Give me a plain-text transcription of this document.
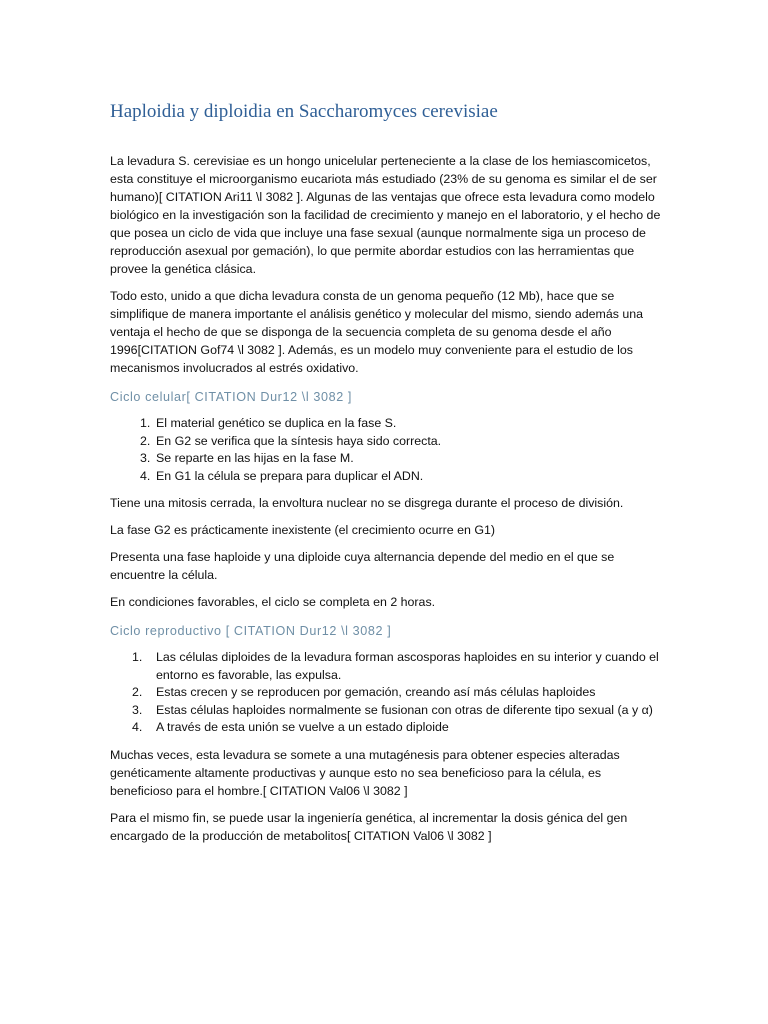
Haploidia y diploidia en Saccharomyces cerevisiae

La levadura S. cerevisiae es un hongo unicelular perteneciente a la clase de los hemiascomicetos, esta constituye el microorganismo eucariota más estudiado (23% de su genoma es similar el de ser humano)[ CITATION Ari11 \l 3082 ]. Algunas de las ventajas que ofrece esta levadura como modelo biológico en la investigación son la facilidad de crecimiento y manejo en el laboratorio, y el hecho de que posea un ciclo de vida que incluye una fase sexual (aunque normalmente siga un proceso de reproducción asexual por gemación), lo que permite abordar estudios con las herramientas que provee la genética clásica.

Todo esto, unido a que dicha levadura consta de un genoma pequeño (12 Mb), hace que se simplifique de manera importante el análisis genético y molecular del mismo, siendo además una ventaja el hecho de que se disponga de la secuencia completa de su genoma desde el año 1996[CITATION Gof74 \l 3082 ]. Además, es un modelo muy conveniente para el estudio de los mecanismos involucrados al estrés oxidativo.

Ciclo celular[ CITATION Dur12 \l 3082 ]
1. El material genético se duplica en la fase S.
2. En G2 se verifica que la síntesis haya sido correcta.
3. Se reparte en las hijas en la fase M.
4. En G1 la célula se prepara para duplicar el ADN.

Tiene una mitosis cerrada, la envoltura nuclear no se disgrega durante el proceso de división.

La fase G2 es prácticamente inexistente (el crecimiento ocurre en G1)

Presenta una fase haploide y una diploide cuya alternancia depende del medio en el que se encuentre la célula.

En condiciones favorables, el ciclo se completa en 2 horas.

Ciclo reproductivo [ CITATION Dur12 \l 3082 ]
1. Las células diploides de la levadura forman ascosporas haploides en su interior y cuando el entorno es favorable, las expulsa.
2. Estas crecen y se reproducen por gemación, creando así más células haploides
3. Estas células haploides normalmente se fusionan con otras de diferente tipo sexual (a y α)
4. A través de esta unión se vuelve a un estado diploide

Muchas veces, esta levadura se somete a una mutagénesis para obtener especies alteradas genéticamente altamente productivas y aunque esto no sea beneficioso para la célula, es beneficioso para el hombre.[ CITATION Val06 \l 3082 ]

Para el mismo fin, se puede usar la ingeniería genética, al incrementar la dosis génica del gen encargado de la producción de metabolitos[ CITATION Val06 \l 3082 ]
